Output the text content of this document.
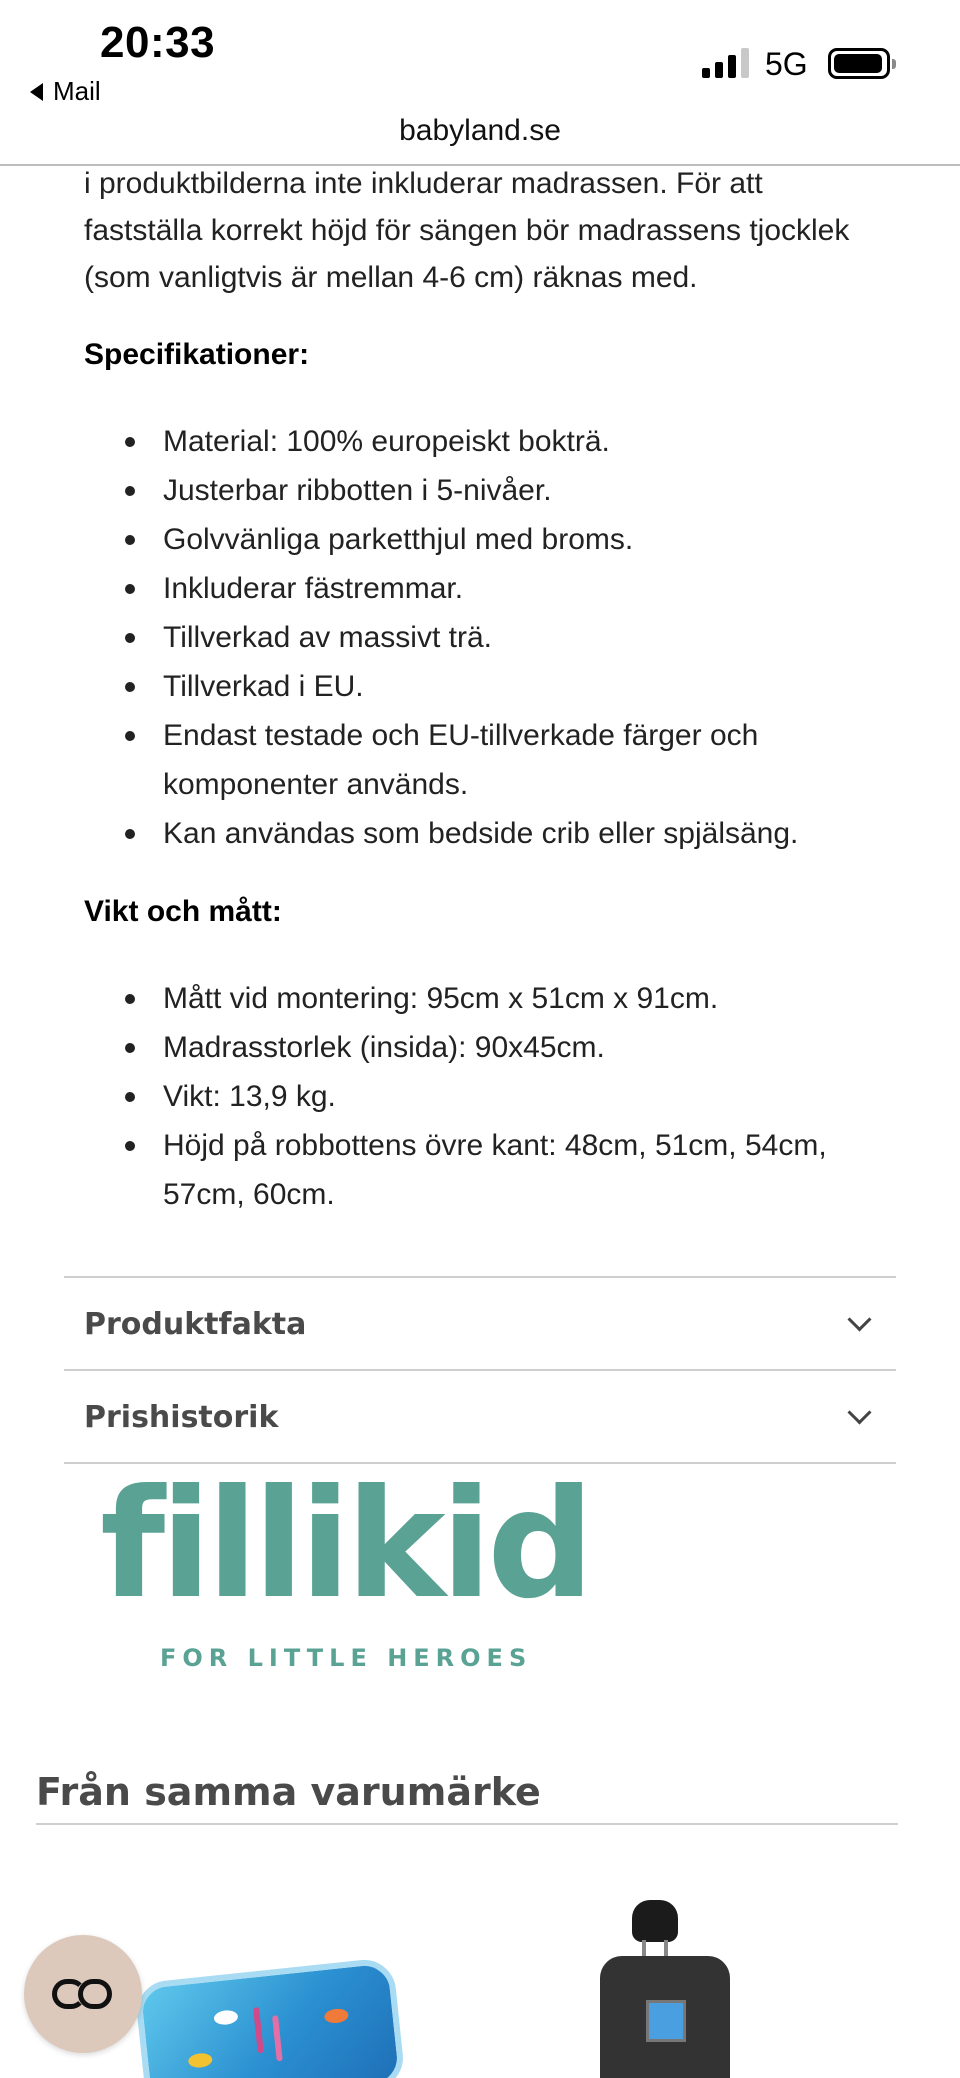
20:33
Mail
5G
babyland.se

i produktbilderna inte inkluderar madrassen. För att fastställa korrekt höjd för sängen bör madrassens tjocklek (som vanligtvis är mellan 4-6 cm) räknas med.

Specifikationer:
Material: 100% europeiskt bokträ.
Justerbar ribbotten i 5-nivåer.
Golvvänliga parketthjul med broms.
Inkluderar fästremmar.
Tillverkad av massivt trä.
Tillverkad i EU.
Endast testade och EU-tillverkade färger och komponenter används.
Kan användas som bedside crib eller spjälsäng.
Vikt och mått:
Mått vid montering: 95cm x 51cm x 91cm.
Madrasstorlek (insida): 90x45cm.
Vikt: 13,9 kg.
Höjd på robbottens övre kant: 48cm, 51cm, 54cm, 57cm, 60cm.
Produktfakta
Prishistorik
fillikid
FOR LITTLE HEROES
Från samma varumärke
